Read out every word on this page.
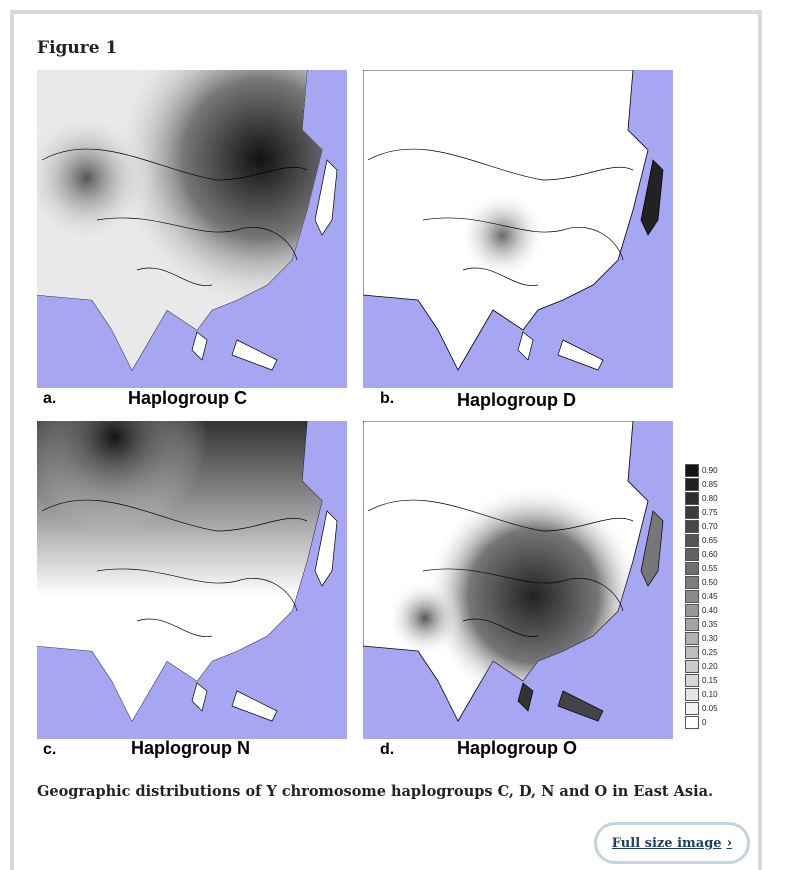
Figure 1
a.	Haplogroup C	b.	Haplogroup D
c.	Haplogroup N	d.	Haplogroup O
0.90
0.85
0.80
0.75
0.70
0.65
0.60
0.55
0.50
0.45
0.40
0.35
0.30
0.25
0.20
0.15
0.10
0.05
0
Geographic distributions of Y chromosome haplogroups C, D, N and O in East Asia.
Full size image ›
